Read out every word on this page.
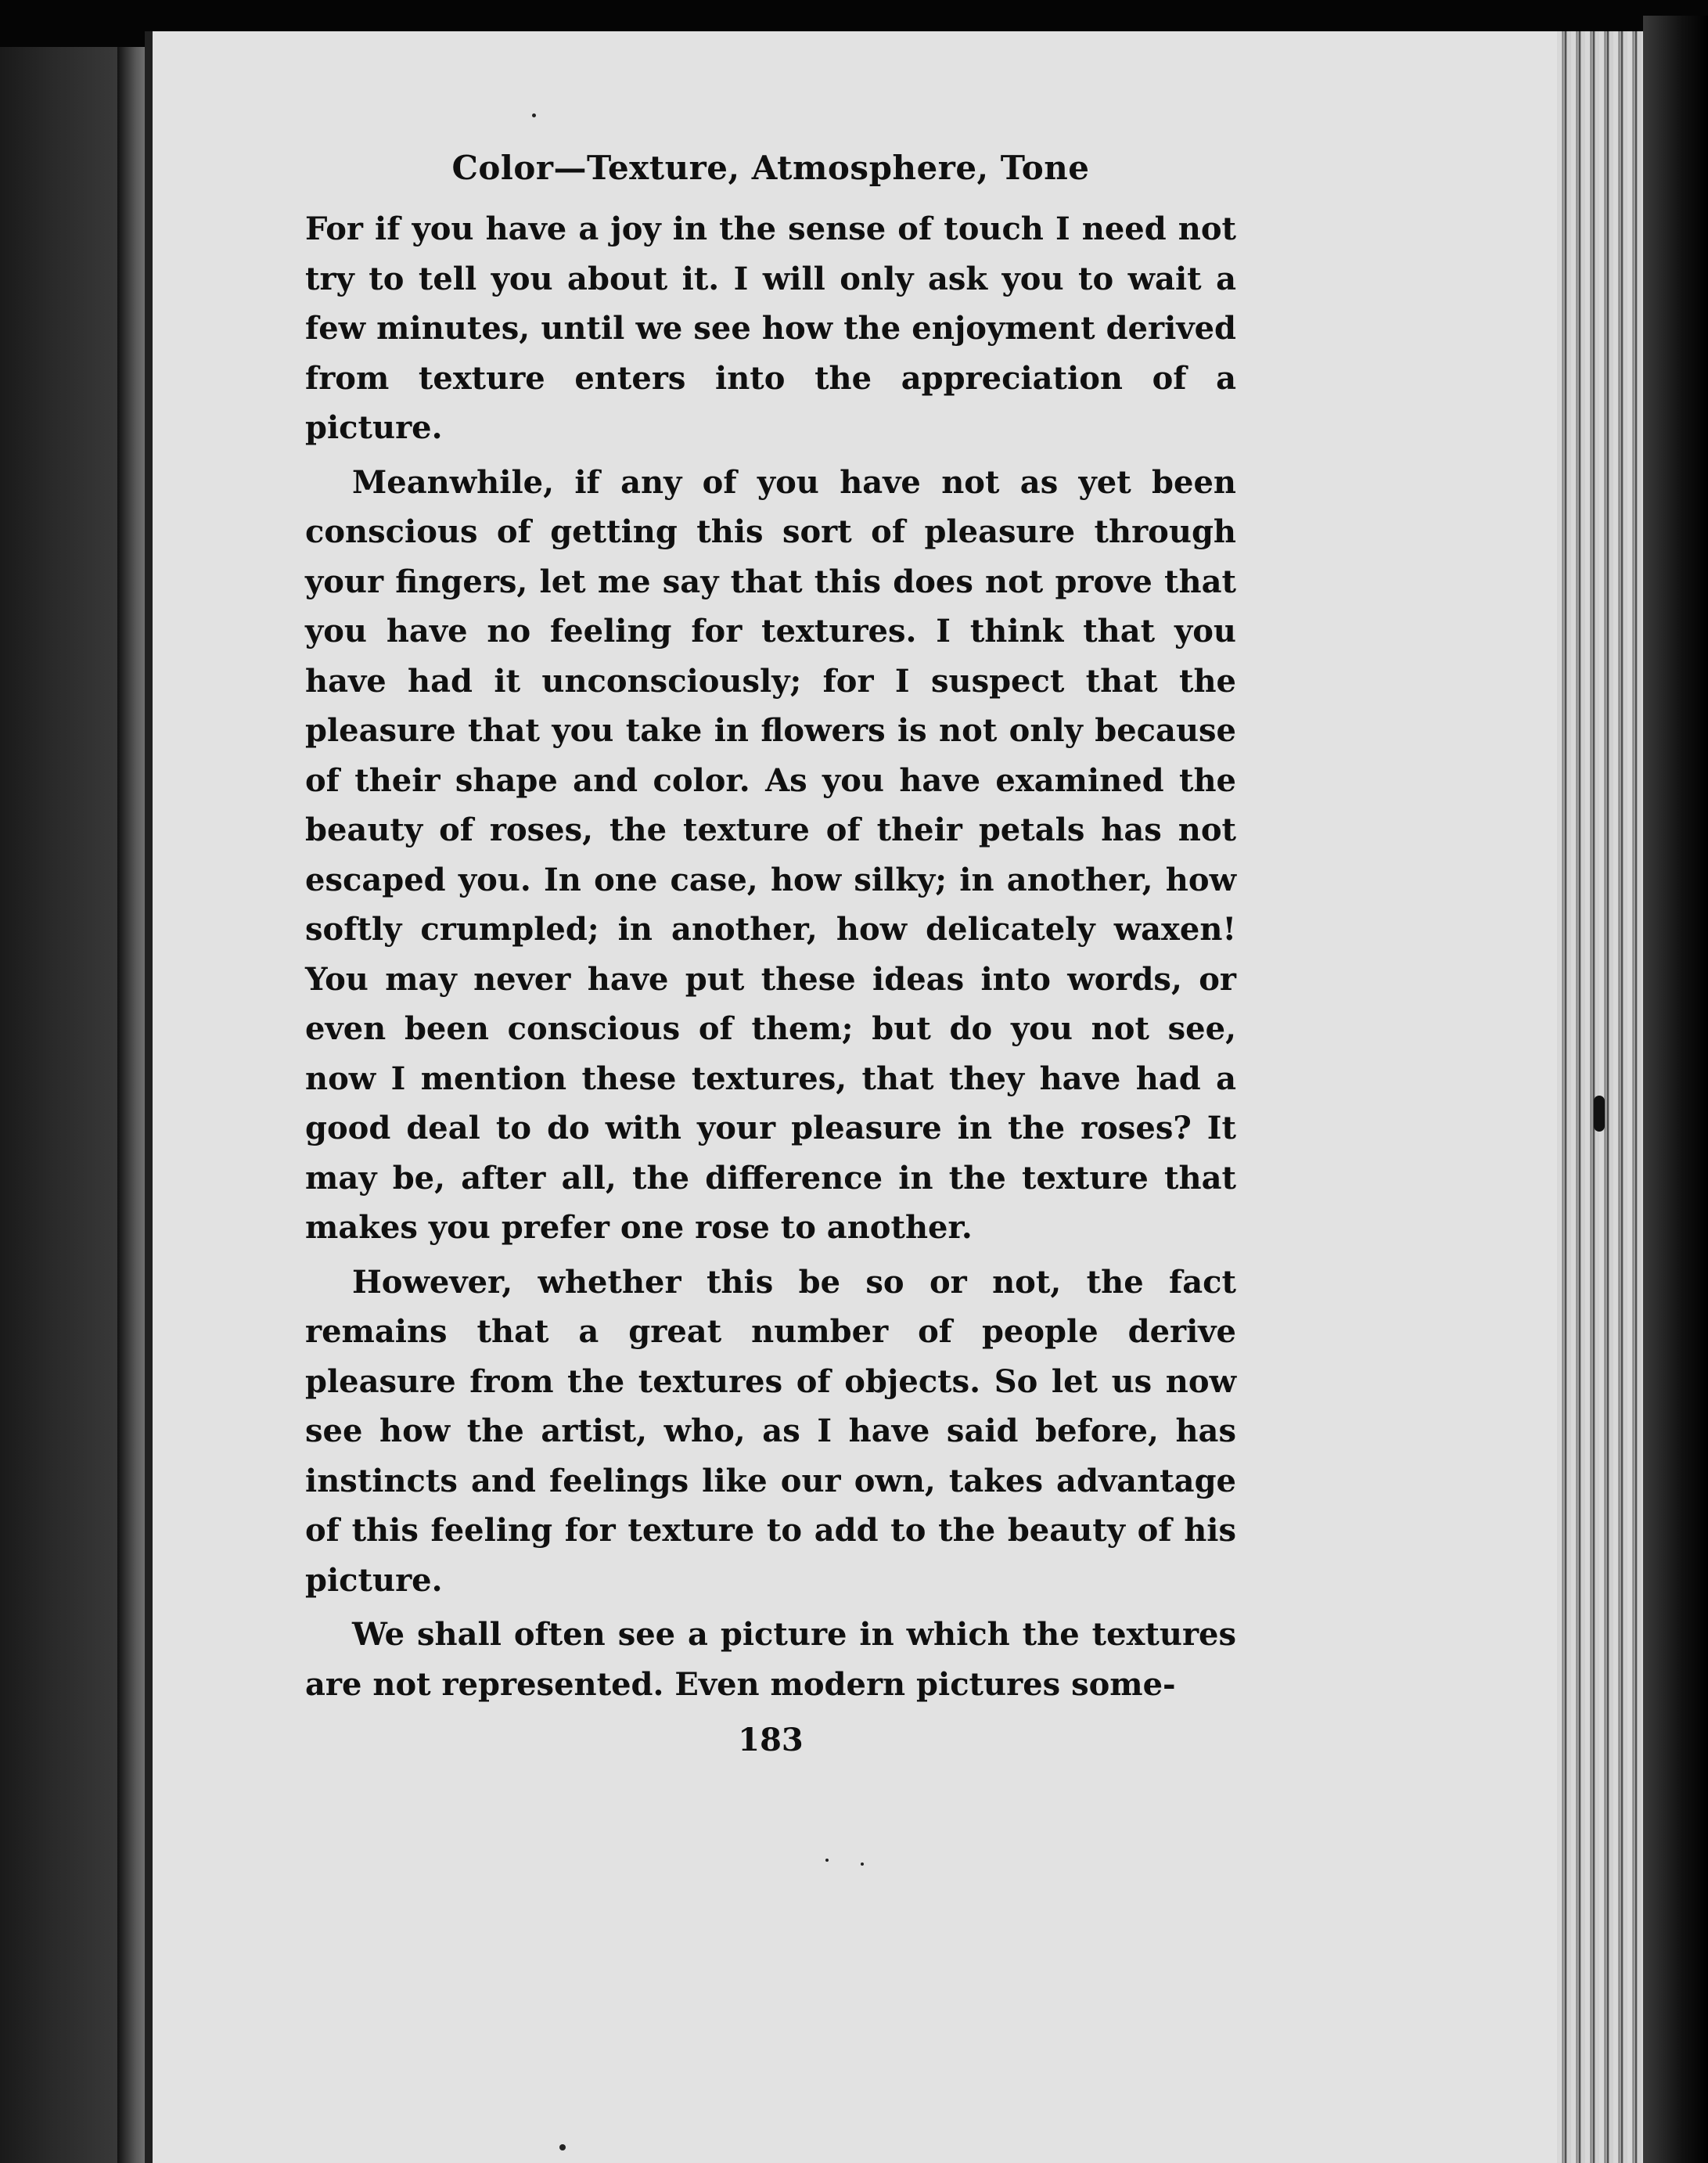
Color—Texture, Atmosphere, Tone

For if you have a joy in the sense of touch I need not try to tell you about it. I will only ask you to wait a few minutes, until we see how the enjoyment derived from texture enters into the appreciation of a picture.

Meanwhile, if any of you have not as yet been conscious of getting this sort of pleasure through your fingers, let me say that this does not prove that you have no feeling for textures. I think that you have had it unconsciously; for I suspect that the pleasure that you take in flowers is not only because of their shape and color. As you have examined the beauty of roses, the texture of their petals has not escaped you. In one case, how silky; in another, how softly crumpled; in another, how delicately waxen! You may never have put these ideas into words, or even been conscious of them; but do you not see, now I mention these textures, that they have had a good deal to do with your pleasure in the roses? It may be, after all, the difference in the texture that makes you prefer one rose to another.

However, whether this be so or not, the fact remains that a great number of people derive pleasure from the textures of objects. So let us now see how the artist, who, as I have said before, has instincts and feelings like our own, takes advantage of this feeling for texture to add to the beauty of his picture.

We shall often see a picture in which the textures are not represented. Even modern pictures some-

183
